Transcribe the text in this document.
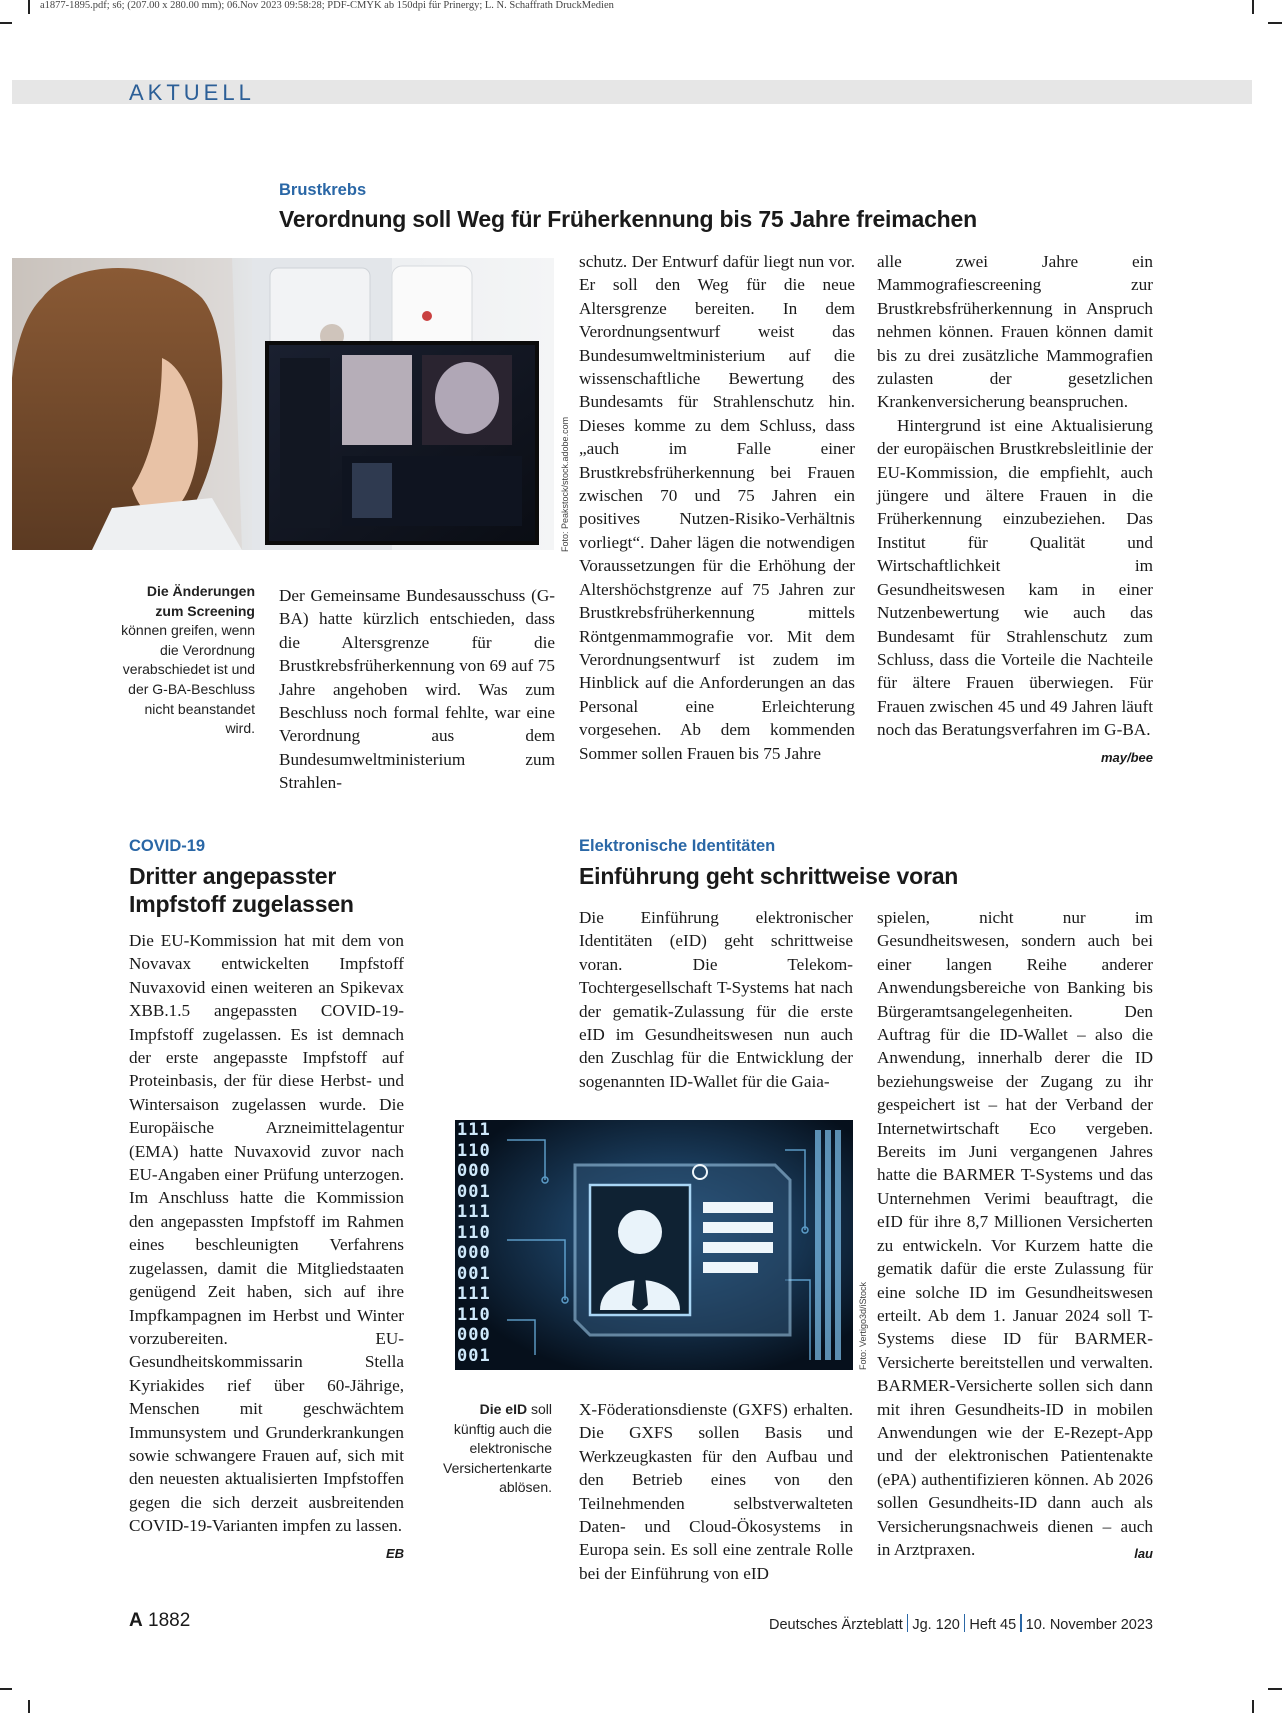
a1877-1895.pdf; s6; (207.00 x 280.00 mm); 06.Nov 2023 09:58:28; PDF-CMYK ab 150dpi für Prinergy; L. N. Schaffrath DruckMedien
AKTUELL
Brustkrebs
Verordnung soll Weg für Früherkennung bis 75 Jahre freimachen
Foto: Peakstock/stock.adobe.com
Die Änderungen zum Screening können greifen, wenn die Verordnung verabschiedet ist und der G-BA-Beschluss nicht beanstandet wird.

Der Gemeinsame Bundesausschuss (G-BA) hatte kürzlich entschieden, dass die Altersgrenze für die Brustkrebsfrüherkennung von 69 auf 75 Jahre angehoben wird. Was zum Beschluss noch formal fehlte, war eine Verordnung aus dem Bundesumweltministerium zum Strahlen-

schutz. Der Entwurf dafür liegt nun vor. Er soll den Weg für die neue Altersgrenze bereiten. In dem Verordnungsentwurf weist das Bundesumweltministerium auf die wissenschaftliche Bewertung des Bundesamts für Strahlenschutz hin. Dieses komme zu dem Schluss, dass „auch im Falle einer Brustkrebsfrüherkennung bei Frauen zwischen 70 und 75 Jahren ein positives Nutzen-Risiko-Verhältnis vorliegt“. Daher lägen die notwendigen Voraussetzungen für die Erhöhung der Altershöchstgrenze auf 75 Jahren zur Brustkrebsfrüherkennung mittels Röntgenmammografie vor. Mit dem Verordnungsentwurf ist zudem im Hinblick auf die Anforderungen an das Personal eine Erleichterung vorgesehen. Ab dem kommenden Sommer sollen Frauen bis 75 Jahre

alle zwei Jahre ein Mammografiescreening zur Brustkrebsfrüherkennung in Anspruch nehmen können. Frauen können damit bis zu drei zusätzliche Mammografien zulasten der gesetzlichen Krankenversicherung beanspruchen.

Hintergrund ist eine Aktualisierung der europäischen Brustkrebsleitlinie der EU-Kommission, die empfiehlt, auch jüngere und ältere Frauen in die Früherkennung einzubeziehen. Das Institut für Qualität und Wirtschaftlichkeit im Gesundheitswesen kam in einer Nutzenbewertung wie auch das Bundesamt für Strahlenschutz zum Schluss, dass die Vorteile die Nachteile für ältere Frauen überwiegen. Für Frauen zwischen 45 und 49 Jahren läuft noch das Beratungsverfahren im G-BA.
may/bee

COVID-19
Dritter angepasster
Impfstoff zugelassen

Die EU-Kommission hat mit dem von Novavax entwickelten Impfstoff Nuvaxovid einen weiteren an Spikevax XBB.1.5 angepassten COVID-19-Impfstoff zugelassen. Es ist demnach der erste angepasste Impfstoff auf Proteinbasis, der für diese Herbst- und Wintersaison zugelassen wurde. Die Europäische Arzneimittelagentur (EMA) hatte Nuvaxovid zuvor nach EU-Angaben einer Prüfung unterzogen. Im Anschluss hatte die Kommission den angepassten Impfstoff im Rahmen eines beschleunigten Verfahrens zugelassen, damit die Mitgliedstaaten genügend Zeit haben, sich auf ihre Impfkampagnen im Herbst und Winter vorzubereiten. EU-Gesundheitskommissarin Stella Kyriakides rief über 60-Jährige, Menschen mit geschwächtem Immunsystem und Grunderkrankungen sowie schwangere Frauen auf, sich mit den neuesten aktualisierten Impfstoffen gegen die sich derzeit ausbreitenden COVID-19-Varianten impfen zu lassen.
EB

Elektronische Identitäten
Einführung geht schrittweise voran

Die Einführung elektronischer Identitäten (eID) geht schrittweise voran. Die Telekom-Tochtergesellschaft T-Systems hat nach der gematik-Zulassung für die erste eID im Gesundheitswesen nun auch den Zuschlag für die Entwicklung der sogenannten ID-Wallet für die Gaia-

111
110
000
001
111
110
000
001
111
110
000
001	Foto: Vertigo3d/iStock
Die eID soll künftig auch die elektronische Versichertenkarte ablösen.

X-Föderationsdienste (GXFS) erhalten. Die GXFS sollen Basis und Werkzeugkasten für den Aufbau und den Betrieb eines von den Teilnehmenden selbstverwalteten Daten- und Cloud-Ökosystems in Europa sein. Es soll eine zentrale Rolle bei der Einführung von eID

spielen, nicht nur im Gesundheitswesen, sondern auch bei einer langen Reihe anderer Anwendungsbereiche von Banking bis Bürgeramtsangelegenheiten. Den Auftrag für die ID-Wallet – also die Anwendung, innerhalb derer die ID beziehungsweise der Zugang zu ihr gespeichert ist – hat der Verband der Internetwirtschaft Eco vergeben. Bereits im Juni vergangenen Jahres hatte die BARMER T-Systems und das Unternehmen Verimi beauftragt, die eID für ihre 8,7 Millionen Versicherten zu entwickeln. Vor Kurzem hatte die gematik dafür die erste Zulassung für eine solche ID im Gesundheitswesen erteilt. Ab dem 1. Januar 2024 soll T-Systems diese ID für BARMER-Versicherte bereitstellen und verwalten. BARMER-Versicherte sollen sich dann mit ihren Gesundheits-ID in mobilen Anwendungen wie der E-Rezept-App und der elektronischen Patientenakte (ePA) authentifizieren können. Ab 2026 sollen Gesundheits-ID dann auch als Versicherungsnachweis dienen – auch in Arztpraxen.	lau

A 1882	Deutsches Ärzteblatt Jg. 120 Heft 45 10. November 2023
